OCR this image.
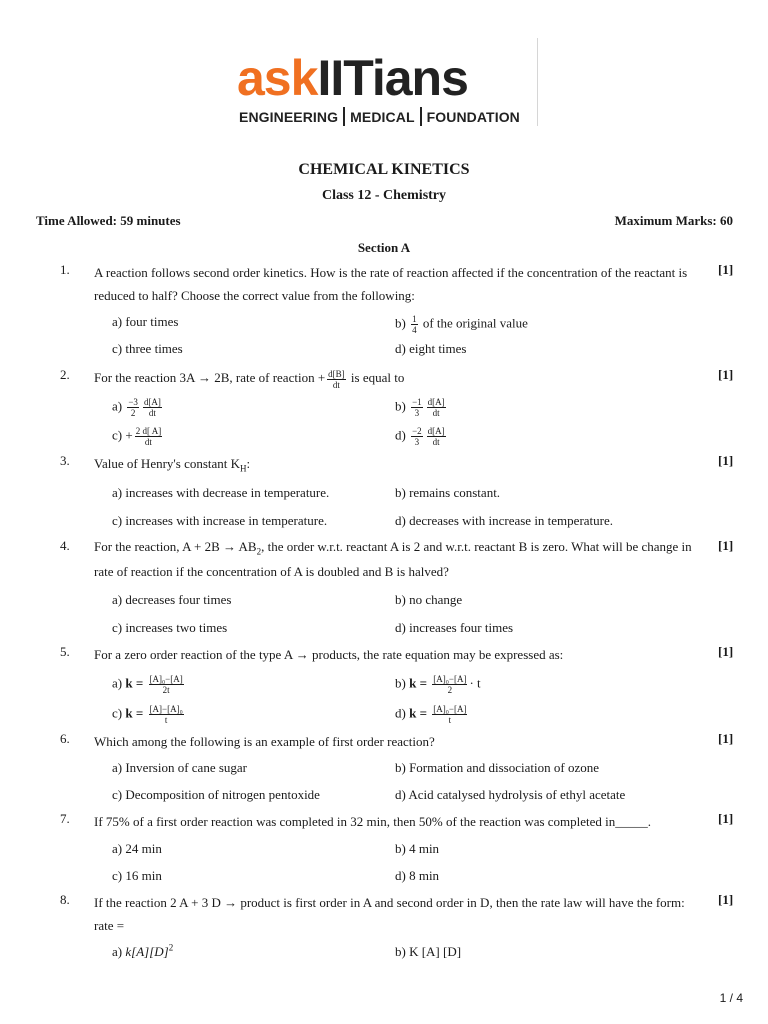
askIITians
ENGINEERING MEDICAL FOUNDATION
CHEMICAL KINETICS
Class 12 - Chemistry
Time Allowed: 59 minutes	Maximum Marks: 60
Section A
1. A reaction follows second order kinetics. How is the rate of reaction affected if the concentration of the reactant is reduced to half? Choose the correct value from the following:
[1]
a) four times	$b) \frac{1}{4}$ of the original value
c) three times	d) eight times
2. For the reaction 3A → 2B, rate of reaction + $\frac{d[B]}{dt}$ is equal to	[1]
$a) \frac{-3}{2} \frac{d[A]}{dt}$	$b) \frac{-1}{3} \frac{d[A]}{dt}$
$c) + \frac{2 d[ A]}{dt}$	$d) \frac{-2}{3} \frac{d[A]}{dt}$
3. Value of Henry's constant $K_H$:	[1]
a) increases with decrease in temperature.	b) remains constant.
c) increases with increase in temperature.	d) decreases with increase in temperature.
4. For the reaction, $A + 2B \to AB_2$, the order w.r.t. reactant A is 2 and w.r.t. reactant B is zero. What will be change in rate of reaction if the concentration of A is doubled and B is halved?
[1]
a) decreases four times	b) no change
c) increases two times	d) increases four times
5. For a zero order reaction of the type A → products, the rate equation may be expressed as:	[1]
a) $k = \frac{\text{[A]₀−[A]}}{2t}$	b) $k = \frac{\text{[A]₀−[A]}}{2} \cdot t$
c) $k = \frac{\text{[A]−[A]₀}}{t}$	d) $k = \frac{\text{[A]₀−[A]}}{t}$
6. Which among the following is an example of first order reaction?	[1]
a) Inversion of cane sugar	b) Formation and dissociation of ozone
c) Decomposition of nitrogen pentoxide	d) Acid catalysed hydrolysis of ethyl acetate
7. If 75% of a first order reaction was completed in 32 min, then 50% of the reaction was completed in_____.	[1]
a) 24 min	b) 4 min
c) 16 min	d) 8 min
8. If the reaction 2 A + 3 D → product is first order in A and second order in D, then the rate law will have the form: rate =
[1]
a) $k[A][D]^2$	b) K [A] [D]
1 / 4
